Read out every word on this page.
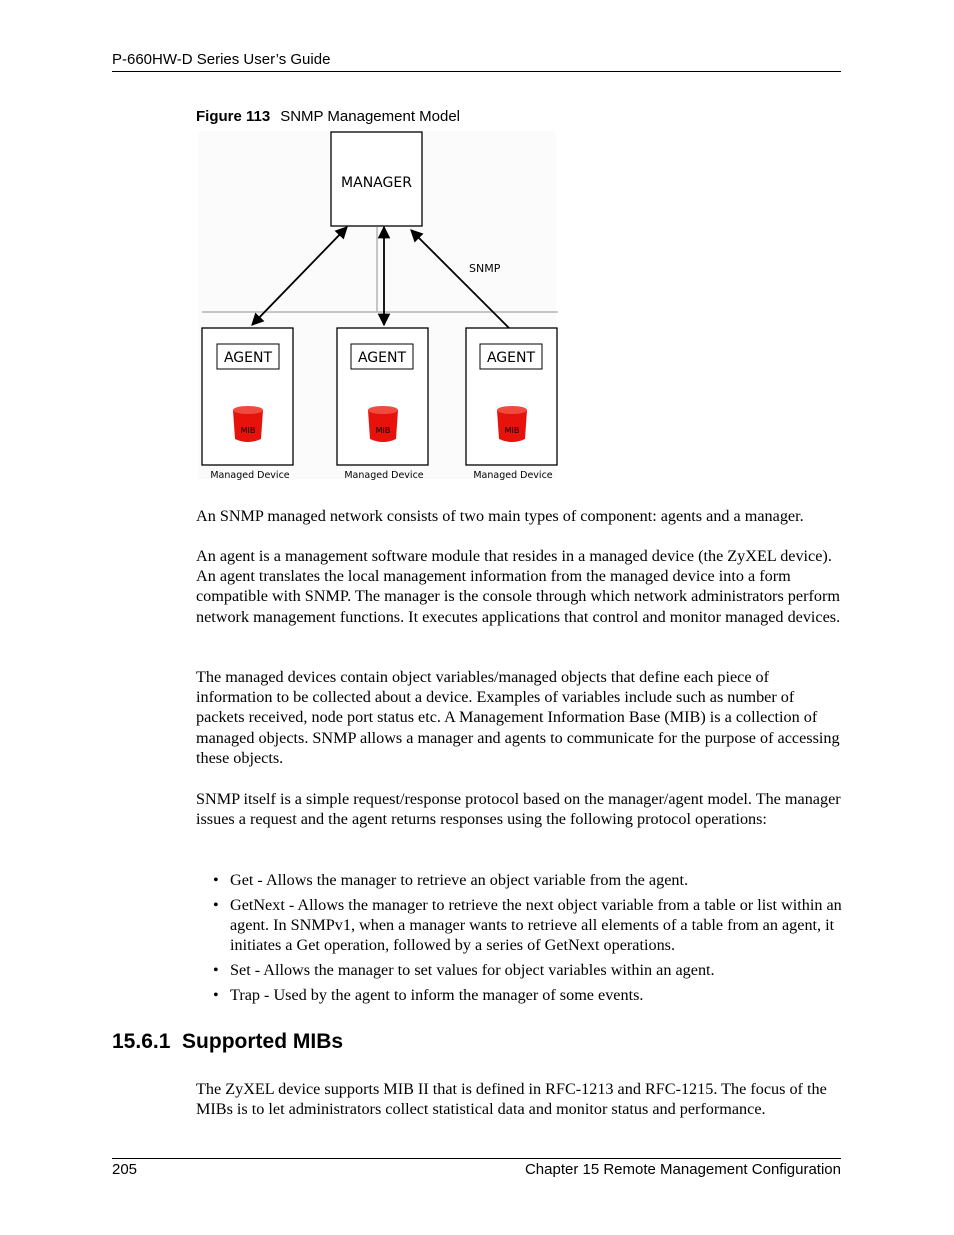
P-660HW-D Series User’s Guide
Figure 113 SNMP Management Model
MANAGER
SNMP
AGENT
MIB
Managed Device
AGENT
MIB
Managed Device
AGENT
MIB
Managed Device
An SNMP managed network consists of two main types of component: agents and a manager.
An agent is a management software module that resides in a managed device (the ZyXEL device). An agent translates the local management information from the managed device into a form compatible with SNMP. The manager is the console through which network administrators perform network management functions. It executes applications that control and monitor managed devices.
The managed devices contain object variables/managed objects that define each piece of information to be collected about a device. Examples of variables include such as number of packets received, node port status etc. A Management Information Base (MIB) is a collection of managed objects. SNMP allows a manager and agents to communicate for the purpose of accessing these objects.
SNMP itself is a simple request/response protocol based on the manager/agent model. The manager issues a request and the agent returns responses using the following protocol operations:
• Get - Allows the manager to retrieve an object variable from the agent.
• GetNext - Allows the manager to retrieve the next object variable from a table or list within an agent. In SNMPv1, when a manager wants to retrieve all elements of a table from an agent, it initiates a Get operation, followed by a series of GetNext operations.
• Set - Allows the manager to set values for object variables within an agent.
• Trap - Used by the agent to inform the manager of some events.
15.6.1  Supported MIBs
The ZyXEL device supports MIB II that is defined in RFC-1213 and RFC-1215. The focus of the MIBs is to let administrators collect statistical data and monitor status and performance.
205	Chapter 15 Remote Management Configuration
